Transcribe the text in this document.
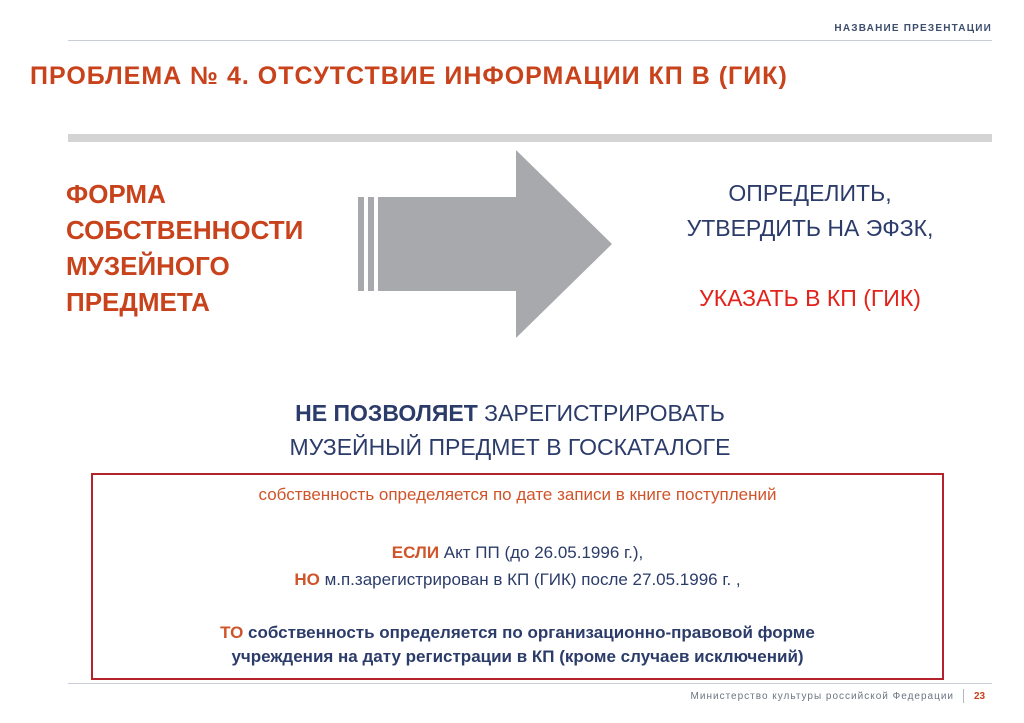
НАЗВАНИЕ ПРЕЗЕНТАЦИИ
ПРОБЛЕМА № 4. ОТСУТСТВИЕ ИНФОРМАЦИИ КП В (ГИК)
ФОРМА
СОБСТВЕННОСТИ
МУЗЕЙНОГО
ПРЕДМЕТА
ОПРЕДЕЛИТЬ,
УТВЕРДИТЬ НА ЭФЗК,
УКАЗАТЬ В КП (ГИК)
НЕ ПОЗВОЛЯЕТ ЗАРЕГИСТРИРОВАТЬ
МУЗЕЙНЫЙ ПРЕДМЕТ В ГОСКАТАЛОГЕ
собственность определяется по дате записи в книге поступлений
ЕСЛИ Акт ПП (до 26.05.1996 г.),
НО м.п.зарегистрирован в КП (ГИК) после 27.05.1996 г. ,
ТО собственность определяется по организационно-правовой форме
учреждения на дату регистрации в КП (кроме случаев исключений)
Министерство культуры российской Федерации 23
